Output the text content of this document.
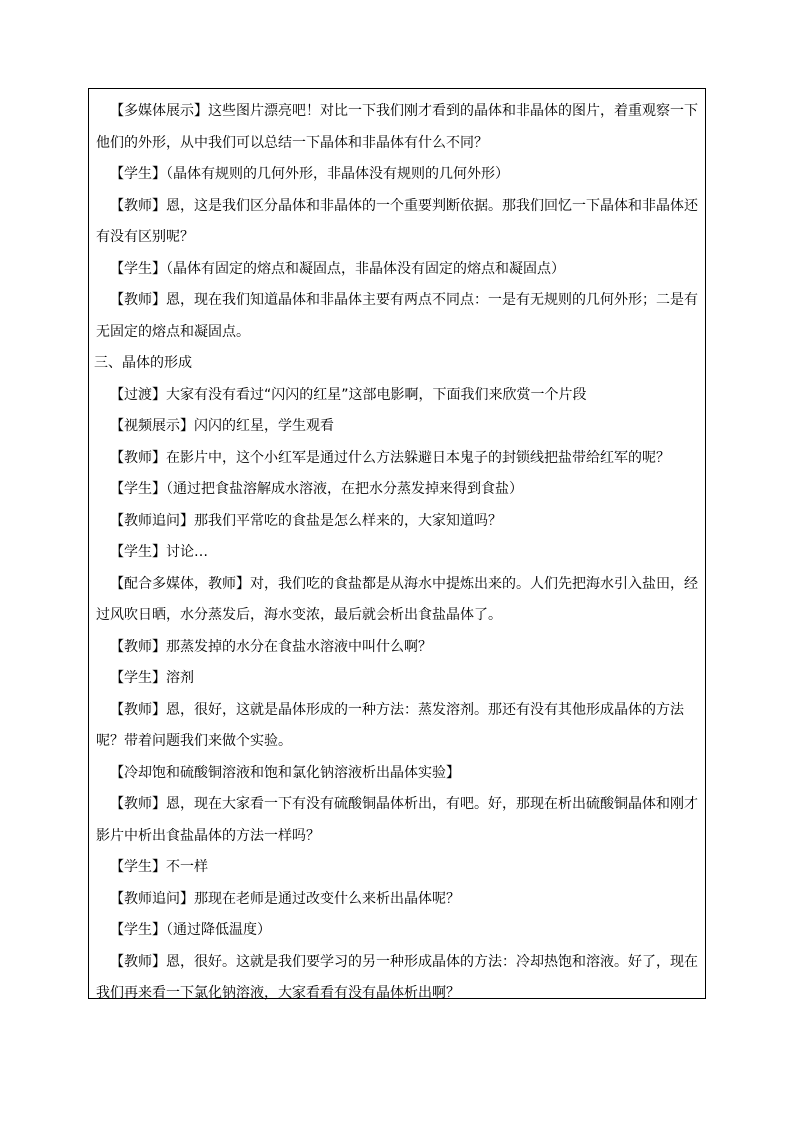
【多媒体展示】这些图片漂亮吧！对比一下我们刚才看到的晶体和非晶体的图片，着重观察一下他们的外形，从中我们可以总结一下晶体和非晶体有什么不同？

【学生】（晶体有规则的几何外形，非晶体没有规则的几何外形）

【教师】恩，这是我们区分晶体和非晶体的一个重要判断依据。那我们回忆一下晶体和非晶体还有没有区别呢？

【学生】（晶体有固定的熔点和凝固点，非晶体没有固定的熔点和凝固点）

【教师】恩，现在我们知道晶体和非晶体主要有两点不同点：一是有无规则的几何外形；二是有无固定的熔点和凝固点。

三、晶体的形成

【过渡】大家有没有看过“闪闪的红星”这部电影啊，下面我们来欣赏一个片段

【视频展示】闪闪的红星，学生观看

【教师】在影片中，这个小红军是通过什么方法躲避日本鬼子的封锁线把盐带给红军的呢？

【学生】（通过把食盐溶解成水溶液，在把水分蒸发掉来得到食盐）

【教师追问】那我们平常吃的食盐是怎么样来的，大家知道吗？

【学生】讨论…

【配合多媒体，教师】对，我们吃的食盐都是从海水中提炼出来的。人们先把海水引入盐田，经过风吹日晒，水分蒸发后，海水变浓，最后就会析出食盐晶体了。

【教师】那蒸发掉的水分在食盐水溶液中叫什么啊？

【学生】溶剂

【教师】恩，很好，这就是晶体形成的一种方法：蒸发溶剂。那还有没有其他形成晶体的方法呢？带着问题我们来做个实验。

【冷却饱和硫酸铜溶液和饱和氯化钠溶液析出晶体实验】

【教师】恩，现在大家看一下有没有硫酸铜晶体析出，有吧。好，那现在析出硫酸铜晶体和刚才影片中析出食盐晶体的方法一样吗？

【学生】不一样

【教师追问】那现在老师是通过改变什么来析出晶体呢？

【学生】（通过降低温度）

【教师】恩，很好。这就是我们要学习的另一种形成晶体的方法：冷却热饱和溶液。好了，现在我们再来看一下氯化钠溶液，大家看看有没有晶体析出啊？
